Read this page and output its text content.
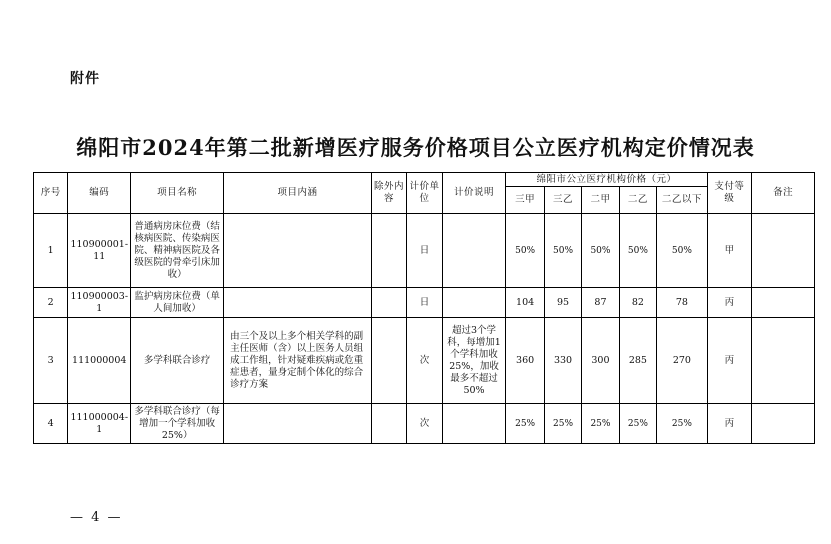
附件
绵阳市2024年第二批新增医疗服务价格项目公立医疗机构定价情况表
序号	编码	项目名称	项目内涵	除外内容	计价单位	计价说明	绵阳市公立医疗机构价格（元）					支付等级	备注
							三甲	三乙	二甲	二乙	二乙以下		
1	110900001-11	普通病房床位费（结核病医院、传染病医院、精神病医院及各级医院的骨牵引床加收）			日		50%	50%	50%	50%	50%	甲	
2	110900003-1	监护病房床位费（单人间加收）			日		104	95	87	82	78	丙	
3	111000004	多学科联合诊疗	由三个及以上多个相关学科的副主任医师（含）以上医务人员组成工作组，针对疑难疾病或危重症患者，量身定制个体化的综合诊疗方案		次	超过3个学科，每增加1个学科加收25%，加收最多不超过50%	360	330	300	285	270	丙	
4	111000004-1	多学科联合诊疗（每增加一个学科加收25%）			次		25%	25%	25%	25%	25%	丙	
— 4 —
